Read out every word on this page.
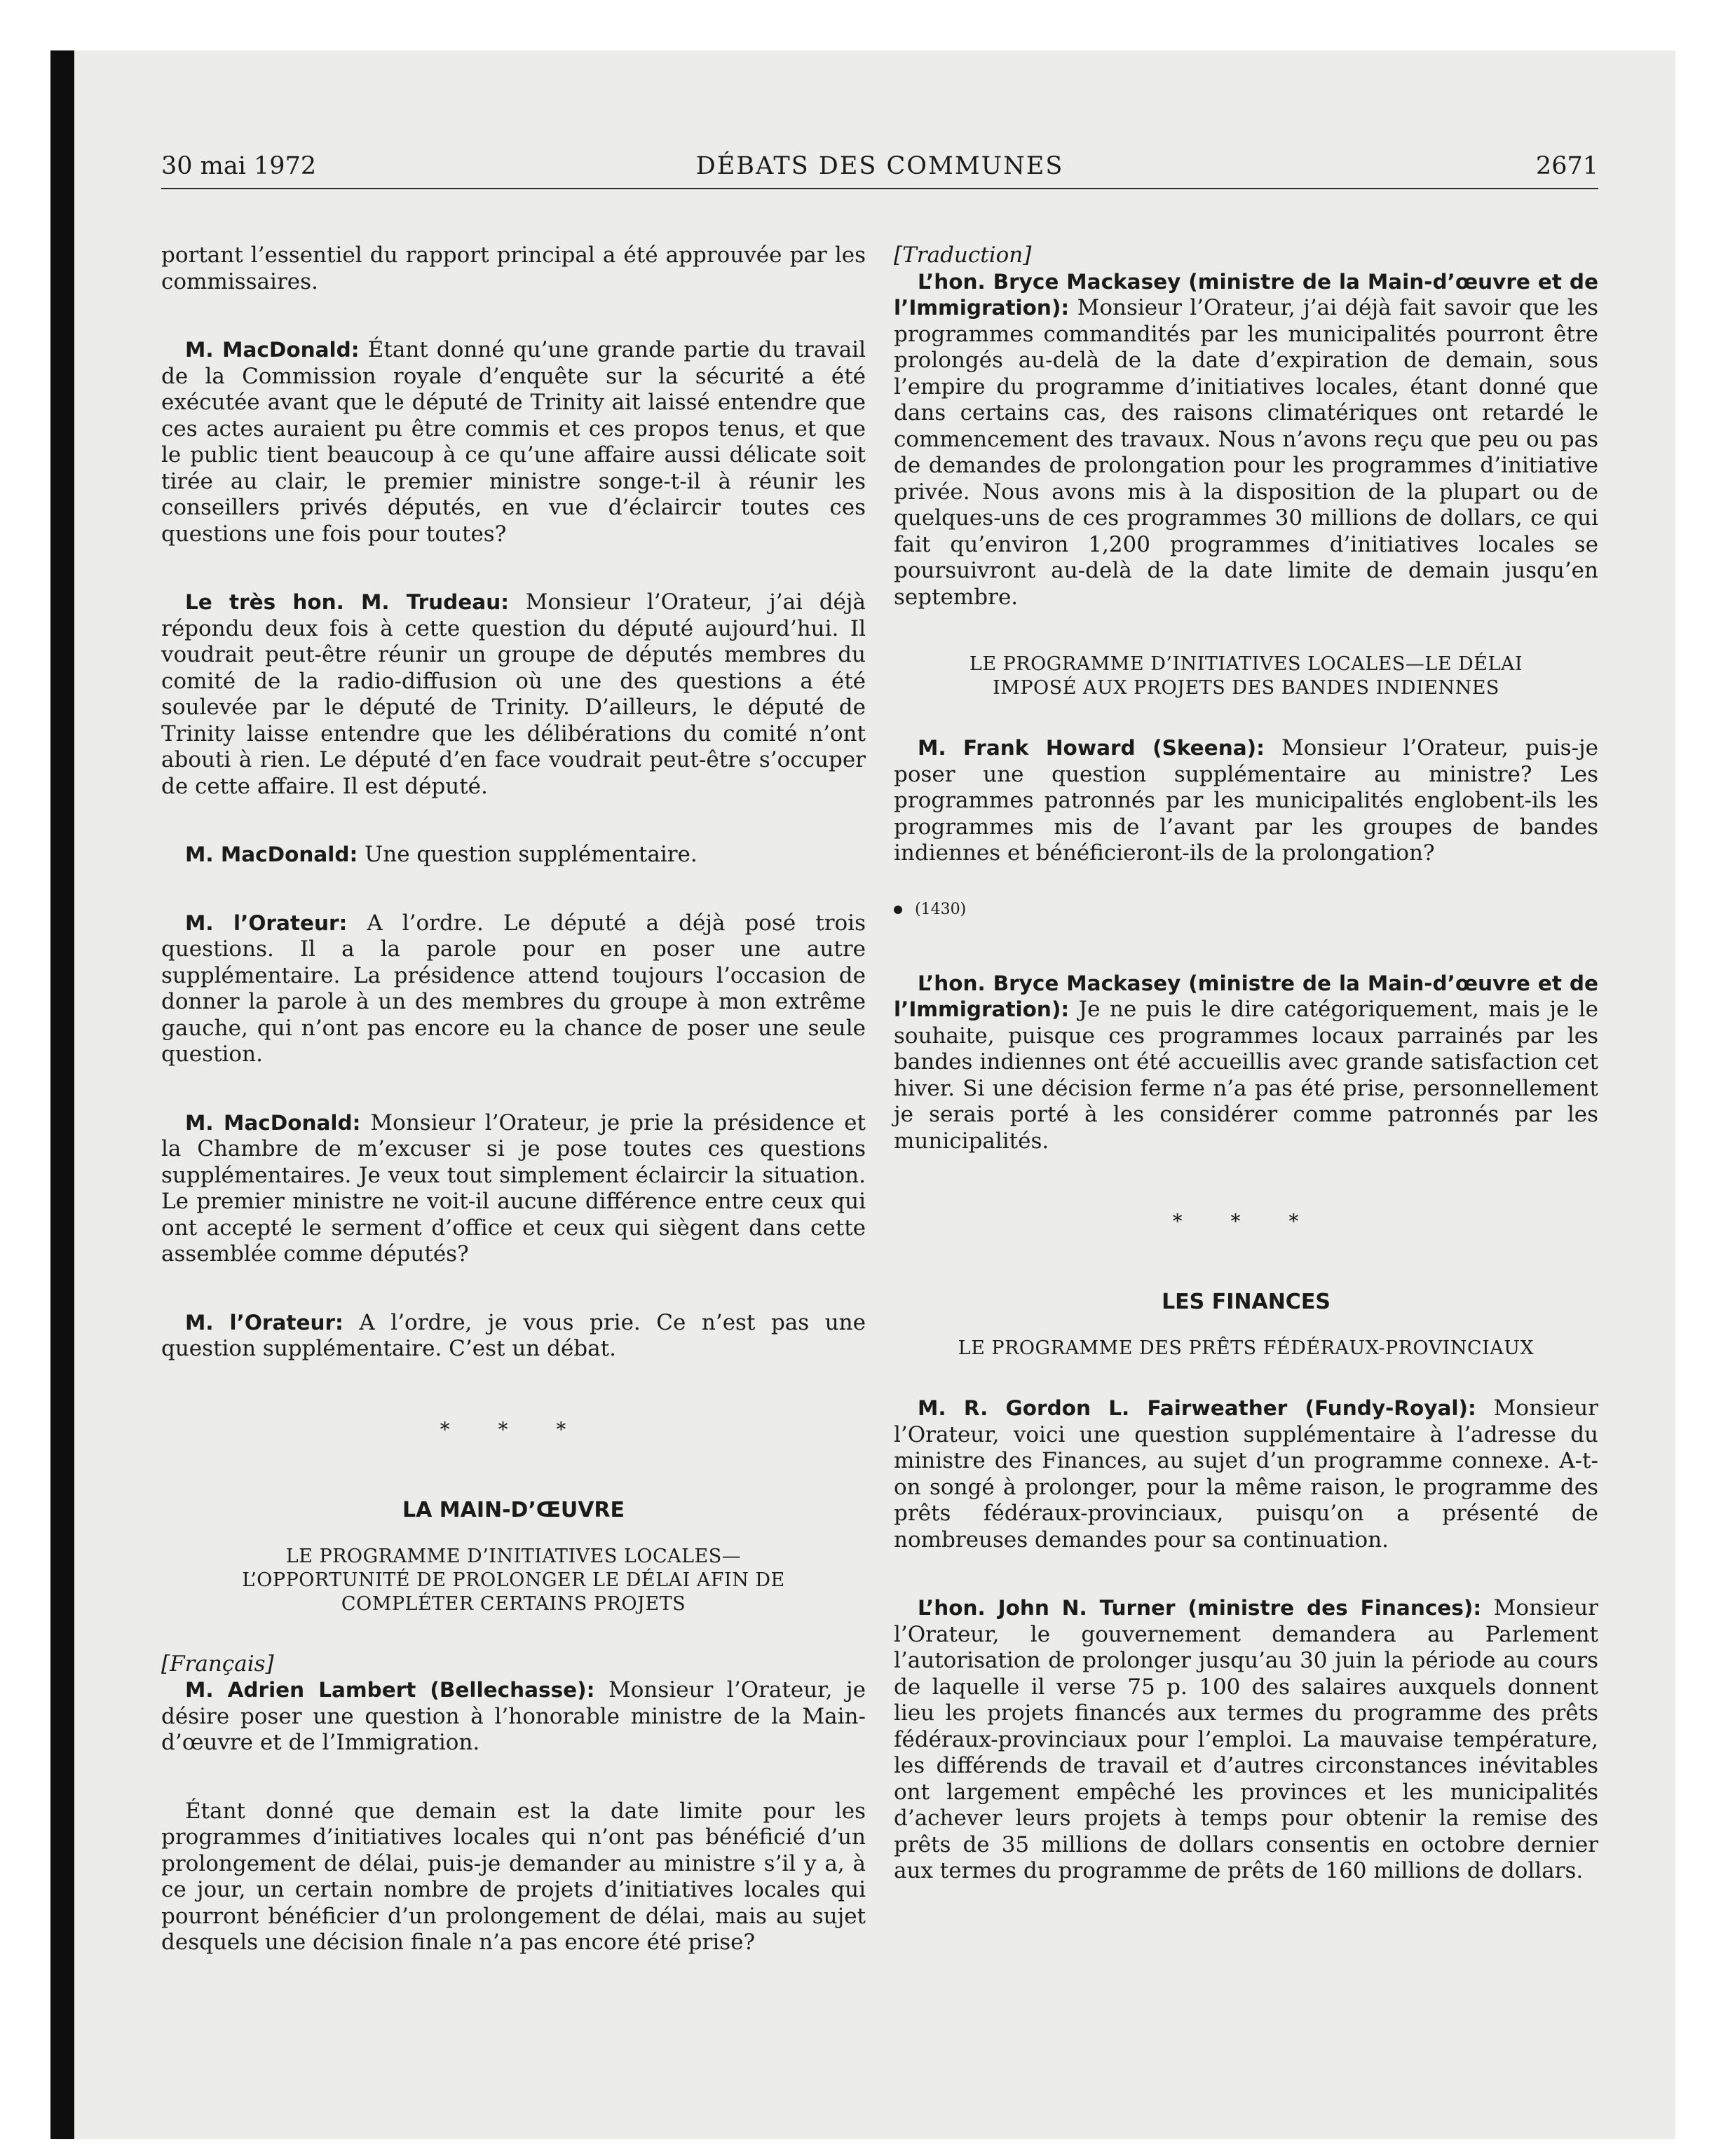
30 mai 1972	DÉBATS DES COMMUNES	2671

portant l’essentiel du rapport principal a été approuvée par les commissaires.

M. MacDonald: Étant donné qu’une grande partie du travail de la Commission royale d’enquête sur la sécurité a été exécutée avant que le député de Trinity ait laissé entendre que ces actes auraient pu être commis et ces propos tenus, et que le public tient beaucoup à ce qu’une affaire aussi délicate soit tirée au clair, le premier ministre songe-t-il à réunir les conseillers privés députés, en vue d’éclaircir toutes ces questions une fois pour toutes?

Le très hon. M. Trudeau: Monsieur l’Orateur, j’ai déjà répondu deux fois à cette question du député aujourd’hui. Il voudrait peut-être réunir un groupe de députés membres du comité de la radio-diffusion où une des questions a été soulevée par le député de Trinity. D’ailleurs, le député de Trinity laisse entendre que les délibérations du comité n’ont abouti à rien. Le député d’en face voudrait peut-être s’occuper de cette affaire. Il est député.

M. MacDonald: Une question supplémentaire.

M. l’Orateur: A l’ordre. Le député a déjà posé trois questions. Il a la parole pour en poser une autre supplémentaire. La présidence attend toujours l’occasion de donner la parole à un des membres du groupe à mon extrême gauche, qui n’ont pas encore eu la chance de poser une seule question.

M. MacDonald: Monsieur l’Orateur, je prie la présidence et la Chambre de m’excuser si je pose toutes ces questions supplémentaires. Je veux tout simplement éclaircir la situation. Le premier ministre ne voit-il aucune différence entre ceux qui ont accepté le serment d’office et ceux qui siègent dans cette assemblée comme députés?

M. l’Orateur: A l’ordre, je vous prie. Ce n’est pas une question supplémentaire. C’est un débat.

* * *
LA MAIN-D’ŒUVRE
LE PROGRAMME D’INITIATIVES LOCALES—
L’OPPORTUNITÉ DE PROLONGER LE DÉLAI AFIN DE
COMPLÉTER CERTAINS PROJETS

[Français]

M. Adrien Lambert (Bellechasse): Monsieur l’Orateur, je désire poser une question à l’honorable ministre de la Main-d’œuvre et de l’Immigration.

Étant donné que demain est la date limite pour les programmes d’initiatives locales qui n’ont pas bénéficié d’un prolongement de délai, puis-je demander au ministre s’il y a, à ce jour, un certain nombre de projets d’initiatives locales qui pourront bénéficier d’un prolongement de délai, mais au sujet desquels une décision finale n’a pas encore été prise?

[Traduction]

L’hon. Bryce Mackasey (ministre de la Main-d’œuvre et de l’Immigration): Monsieur l’Orateur, j’ai déjà fait savoir que les programmes commandités par les municipalités pourront être prolongés au-delà de la date d’expiration de demain, sous l’empire du programme d’initiatives locales, étant donné que dans certains cas, des raisons climatériques ont retardé le commencement des travaux. Nous n’avons reçu que peu ou pas de demandes de prolongation pour les programmes d’initiative privée. Nous avons mis à la disposition de la plupart ou de quelques-uns de ces programmes 30 millions de dollars, ce qui fait qu’environ 1,200 programmes d’initiatives locales se poursuivront au-delà de la date limite de demain jusqu’en septembre.

LE PROGRAMME D’INITIATIVES LOCALES—LE DÉLAI
IMPOSÉ AUX PROJETS DES BANDES INDIENNES

M. Frank Howard (Skeena): Monsieur l’Orateur, puis-je poser une question supplémentaire au ministre? Les programmes patronnés par les municipalités englobent-ils les programmes mis de l’avant par les groupes de bandes indiennes et bénéficieront-ils de la prolongation?

(1430)

L’hon. Bryce Mackasey (ministre de la Main-d’œuvre et de l’Immigration): Je ne puis le dire catégoriquement, mais je le souhaite, puisque ces programmes locaux parrainés par les bandes indiennes ont été accueillis avec grande satisfaction cet hiver. Si une décision ferme n’a pas été prise, personnellement je serais porté à les considérer comme patronnés par les municipalités.

* * *
LES FINANCES
LE PROGRAMME DES PRÊTS FÉDÉRAUX-PROVINCIAUX

M. R. Gordon L. Fairweather (Fundy-Royal): Monsieur l’Orateur, voici une question supplémentaire à l’adresse du ministre des Finances, au sujet d’un programme connexe. A-t-on songé à prolonger, pour la même raison, le programme des prêts fédéraux-provinciaux, puisqu’on a présenté de nombreuses demandes pour sa continuation.

L’hon. John N. Turner (ministre des Finances): Monsieur l’Orateur, le gouvernement demandera au Parlement l’autorisation de prolonger jusqu’au 30 juin la période au cours de laquelle il verse 75 p. 100 des salaires auxquels donnent lieu les projets financés aux termes du programme des prêts fédéraux-provinciaux pour l’emploi. La mauvaise température, les différends de travail et d’autres circonstances inévitables ont largement empêché les provinces et les municipalités d’achever leurs projets à temps pour obtenir la remise des prêts de 35 millions de dollars consentis en octobre dernier aux termes du programme de prêts de 160 millions de dollars.
